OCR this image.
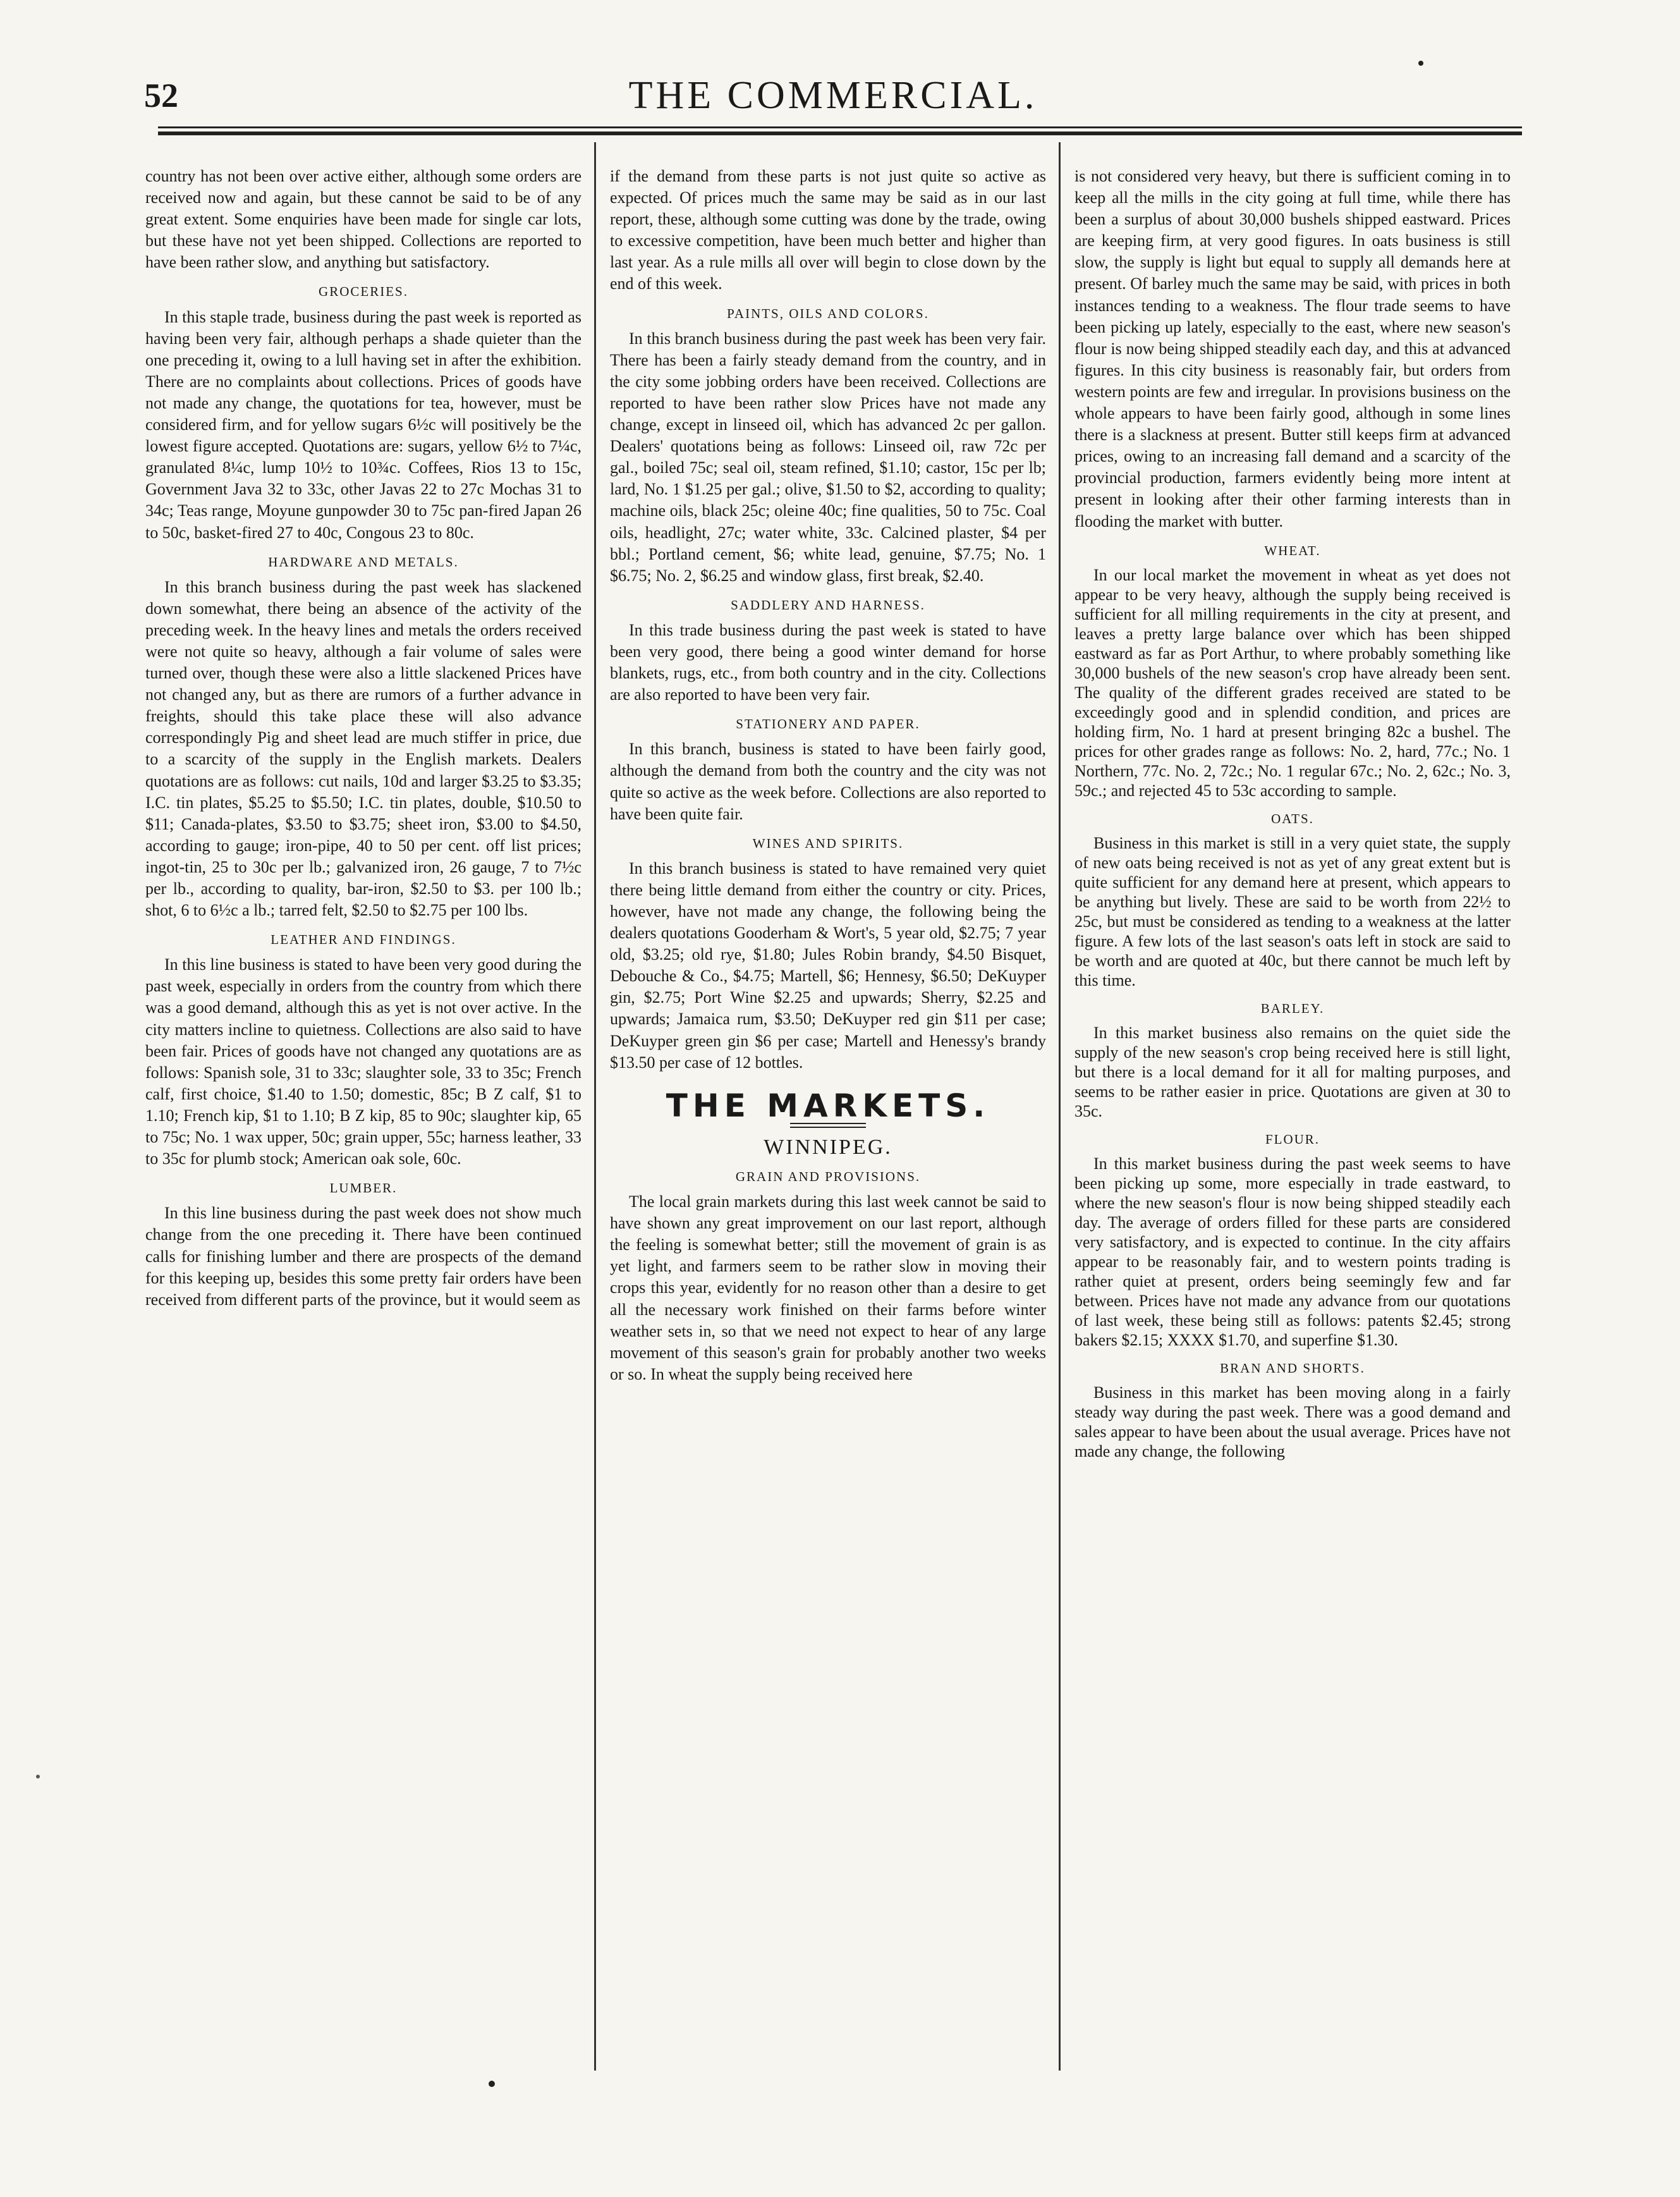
52	THE COMMERCIAL.

country has not been over active either, although some orders are received now and again, but these cannot be said to be of any great extent. Some enquiries have been made for single car lots, but these have not yet been shipped. Collections are reported to have been rather slow, and anything but satisfactory.

GROCERIES.

In this staple trade, business during the past week is reported as having been very fair, although perhaps a shade quieter than the one preceding it, owing to a lull having set in after the exhibition. There are no complaints about collections. Prices of goods have not made any change, the quotations for tea, however, must be considered firm, and for yellow sugars 6½c will positively be the lowest figure accepted. Quotations are: sugars, yellow 6½ to 7¼c, granulated 8¼c, lump 10½ to 10¾c. Coffees, Rios 13 to 15c, Government Java 32 to 33c, other Javas 22 to 27c Mochas 31 to 34c; Teas range, Moyune gunpowder 30 to 75c pan-fired Japan 26 to 50c, basket-fired 27 to 40c, Congous 23 to 80c.

HARDWARE AND METALS.

In this branch business during the past week has slackened down somewhat, there being an absence of the activity of the preceding week. In the heavy lines and metals the orders received were not quite so heavy, although a fair volume of sales were turned over, though these were also a little slackened Prices have not changed any, but as there are rumors of a further advance in freights, should this take place these will also advance correspondingly Pig and sheet lead are much stiffer in price, due to a scarcity of the supply in the English markets. Dealers quotations are as follows: cut nails, 10d and larger $3.25 to $3.35; I.C. tin plates, $5.25 to $5.50; I.C. tin plates, double, $10.50 to $11; Canada-plates, $3.50 to $3.75; sheet iron, $3.00 to $4.50, according to gauge; iron-pipe, 40 to 50 per cent. off list prices; ingot-tin, 25 to 30c per lb.; galvanized iron, 26 gauge, 7 to 7½c per lb., according to quality, bar-iron, $2.50 to $3. per 100 lb.; shot, 6 to 6½c a lb.; tarred felt, $2.50 to $2.75 per 100 lbs.

LEATHER AND FINDINGS.

In this line business is stated to have been very good during the past week, especially in orders from the country from which there was a good demand, although this as yet is not over active. In the city matters incline to quietness. Collections are also said to have been fair. Prices of goods have not changed any quotations are as follows: Spanish sole, 31 to 33c; slaughter sole, 33 to 35c; French calf, first choice, $1.40 to 1.50; domestic, 85c; B Z calf, $1 to 1.10; French kip, $1 to 1.10; B Z kip, 85 to 90c; slaughter kip, 65 to 75c; No. 1 wax upper, 50c; grain upper, 55c; harness leather, 33 to 35c for plumb stock; American oak sole, 60c.

LUMBER.

In this line business during the past week does not show much change from the one preceding it. There have been continued calls for finishing lumber and there are prospects of the demand for this keeping up, besides this some pretty fair orders have been received from different parts of the province, but it would seem as

if the demand from these parts is not just quite so active as expected. Of prices much the same may be said as in our last report, these, although some cutting was done by the trade, owing to excessive competition, have been much better and higher than last year. As a rule mills all over will begin to close down by the end of this week.

PAINTS, OILS AND COLORS.

In this branch business during the past week has been very fair. There has been a fairly steady demand from the country, and in the city some jobbing orders have been received. Collections are reported to have been rather slow Prices have not made any change, except in linseed oil, which has advanced 2c per gallon. Dealers' quotations being as follows: Linseed oil, raw 72c per gal., boiled 75c; seal oil, steam refined, $1.10; castor, 15c per lb; lard, No. 1 $1.25 per gal.; olive, $1.50 to $2, according to quality; machine oils, black 25c; oleine 40c; fine qualities, 50 to 75c. Coal oils, headlight, 27c; water white, 33c. Calcined plaster, $4 per bbl.; Portland cement, $6; white lead, genuine, $7.75; No. 1 $6.75; No. 2, $6.25 and window glass, first break, $2.40.

SADDLERY AND HARNESS.

In this trade business during the past week is stated to have been very good, there being a good winter demand for horse blankets, rugs, etc., from both country and in the city. Collections are also reported to have been very fair.

STATIONERY AND PAPER.

In this branch, business is stated to have been fairly good, although the demand from both the country and the city was not quite so active as the week before. Collections are also reported to have been quite fair.

WINES AND SPIRITS.

In this branch business is stated to have remained very quiet there being little demand from either the country or city. Prices, however, have not made any change, the following being the dealers quotations Gooderham & Wort's, 5 year old, $2.75; 7 year old, $3.25; old rye, $1.80; Jules Robin brandy, $4.50 Bisquet, Debouche & Co., $4.75; Martell, $6; Hennesy, $6.50; DeKuyper gin, $2.75; Port Wine $2.25 and upwards; Sherry, $2.25 and upwards; Jamaica rum, $3.50; DeKuyper red gin $11 per case; DeKuyper green gin $6 per case; Martell and Henessy's brandy $13.50 per case of 12 bottles.

THE MARKETS.
WINNIPEG.
GRAIN AND PROVISIONS.

The local grain markets during this last week cannot be said to have shown any great improvement on our last report, although the feeling is somewhat better; still the movement of grain is as yet light, and farmers seem to be rather slow in moving their crops this year, evidently for no reason other than a desire to get all the necessary work finished on their farms before winter weather sets in, so that we need not expect to hear of any large movement of this season's grain for probably another two weeks or so. In wheat the supply being received here

is not considered very heavy, but there is sufficient coming in to keep all the mills in the city going at full time, while there has been a surplus of about 30,000 bushels shipped eastward. Prices are keeping firm, at very good figures. In oats business is still slow, the supply is light but equal to supply all demands here at present. Of barley much the same may be said, with prices in both instances tending to a weakness. The flour trade seems to have been picking up lately, especially to the east, where new season's flour is now being shipped steadily each day, and this at advanced figures. In this city business is reasonably fair, but orders from western points are few and irregular. In provisions business on the whole appears to have been fairly good, although in some lines there is a slackness at present. Butter still keeps firm at advanced prices, owing to an increasing fall demand and a scarcity of the provincial production, farmers evidently being more intent at present in looking after their other farming interests than in flooding the market with butter.

WHEAT.

In our local market the movement in wheat as yet does not appear to be very heavy, although the supply being received is sufficient for all milling requirements in the city at present, and leaves a pretty large balance over which has been shipped eastward as far as Port Arthur, to where probably something like 30,000 bushels of the new season's crop have already been sent. The quality of the different grades received are stated to be exceedingly good and in splendid condition, and prices are holding firm, No. 1 hard at present bringing 82c a bushel. The prices for other grades range as follows: No. 2, hard, 77c.; No. 1 Northern, 77c. No. 2, 72c.; No. 1 regular 67c.; No. 2, 62c.; No. 3, 59c.; and rejected 45 to 53c according to sample.

OATS.

Business in this market is still in a very quiet state, the supply of new oats being received is not as yet of any great extent but is quite sufficient for any demand here at present, which appears to be anything but lively. These are said to be worth from 22½ to 25c, but must be considered as tending to a weakness at the latter figure. A few lots of the last season's oats left in stock are said to be worth and are quoted at 40c, but there cannot be much left by this time.

BARLEY.

In this market business also remains on the quiet side the supply of the new season's crop being received here is still light, but there is a local demand for it all for malting purposes, and seems to be rather easier in price. Quotations are given at 30 to 35c.

FLOUR.

In this market business during the past week seems to have been picking up some, more especially in trade eastward, to where the new season's flour is now being shipped steadily each day. The average of orders filled for these parts are considered very satisfactory, and is expected to continue. In the city affairs appear to be reasonably fair, and to western points trading is rather quiet at present, orders being seemingly few and far between. Prices have not made any advance from our quotations of last week, these being still as follows: patents $2.45; strong bakers $2.15; XXXX $1.70, and superfine $1.30.

BRAN AND SHORTS.

Business in this market has been moving along in a fairly steady way during the past week. There was a good demand and sales appear to have been about the usual average. Prices have not made any change, the following
